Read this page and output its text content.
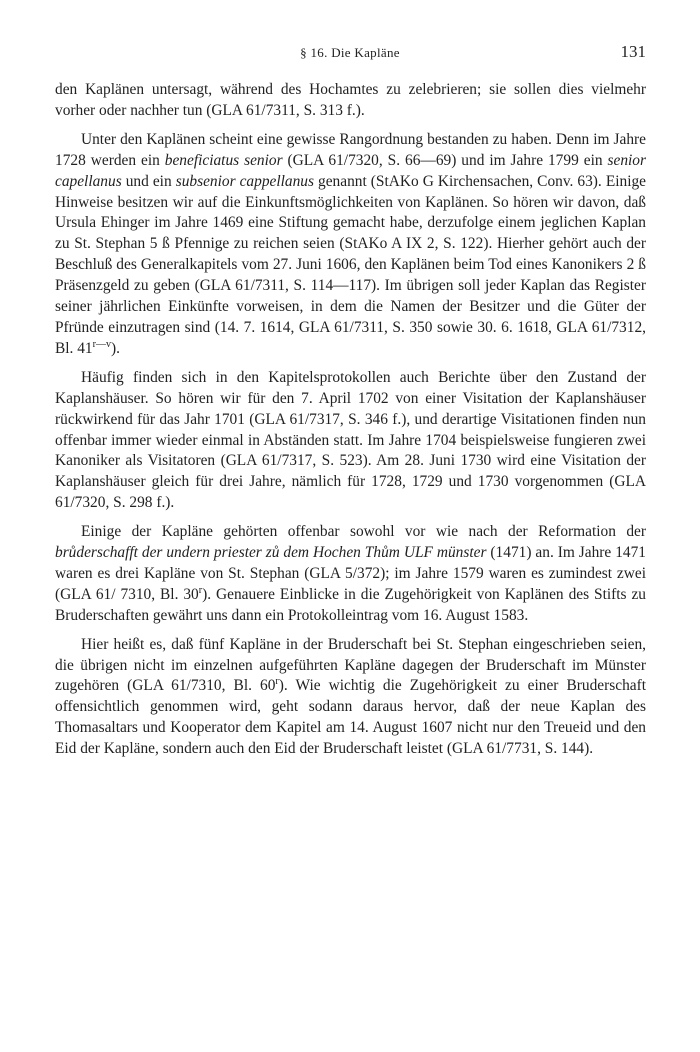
§ 16. Die Kapläne	131

den Kaplänen untersagt, während des Hochamtes zu zelebrieren; sie sollen dies vielmehr vorher oder nachher tun (GLA 61/7311, S. 313 f.).

Unter den Kaplänen scheint eine gewisse Rangordnung bestanden zu haben. Denn im Jahre 1728 werden ein beneficiatus senior (GLA 61/7320, S. 66—69) und im Jahre 1799 ein senior capellanus und ein subsenior cappellanus genannt (StAKo G Kirchensachen, Conv. 63). Einige Hinweise besitzen wir auf die Einkunftsmöglichkeiten von Kaplänen. So hören wir davon, daß Ursula Ehinger im Jahre 1469 eine Stiftung gemacht habe, derzufolge einem jeglichen Kaplan zu St. Stephan 5 ß Pfennige zu reichen seien (StAKo A IX 2, S. 122). Hierher gehört auch der Beschluß des Generalkapitels vom 27. Juni 1606, den Kaplänen beim Tod eines Kanonikers 2 ß Präsenzgeld zu geben (GLA 61/7311, S. 114—117). Im übrigen soll jeder Kaplan das Register seiner jährlichen Einkünfte vorweisen, in dem die Namen der Besitzer und die Güter der Pfründe einzutragen sind (14. 7. 1614, GLA 61/7311, S. 350 sowie 30. 6. 1618, GLA 61/7312, Bl. $41^{r—v}$).

Häufig finden sich in den Kapitelsprotokollen auch Berichte über den Zustand der Kaplanshäuser. So hören wir für den 7. April 1702 von einer Visitation der Kaplanshäuser rückwirkend für das Jahr 1701 (GLA 61/7317, S. 346 f.), und derartige Visitationen finden nun offenbar immer wieder einmal in Abständen statt. Im Jahre 1704 beispielsweise fungieren zwei Kanoniker als Visitatoren (GLA 61/7317, S. 523). Am 28. Juni 1730 wird eine Visitation der Kaplanshäuser gleich für drei Jahre, nämlich für 1728, 1729 und 1730 vorgenommen (GLA 61/7320, S. 298 f.).

Einige der Kapläne gehörten offenbar sowohl vor wie nach der Reformation der brůderschafft der undern priester zů dem Hochen Thům ULF münster (1471) an. Im Jahre 1471 waren es drei Kapläne von St. Stephan (GLA 5/372); im Jahre 1579 waren es zumindest zwei (GLA 61/ 7310, Bl. 30$^r$). Genauere Einblicke in die Zugehörigkeit von Kaplänen des Stifts zu Bruderschaften gewährt uns dann ein Protokolleintrag vom 16. August 1583.

Hier heißt es, daß fünf Kapläne in der Bruderschaft bei St. Stephan eingeschrieben seien, die übrigen nicht im einzelnen aufgeführten Kapläne dagegen der Bruderschaft im Münster zugehören (GLA 61/7310, Bl. 60$^r$). Wie wichtig die Zugehörigkeit zu einer Bruderschaft offensichtlich genommen wird, geht sodann daraus hervor, daß der neue Kaplan des Thomasaltars und Kooperator dem Kapitel am 14. August 1607 nicht nur den Treueid und den Eid der Kapläne, sondern auch den Eid der Bruderschaft leistet (GLA 61/7731, S. 144).
